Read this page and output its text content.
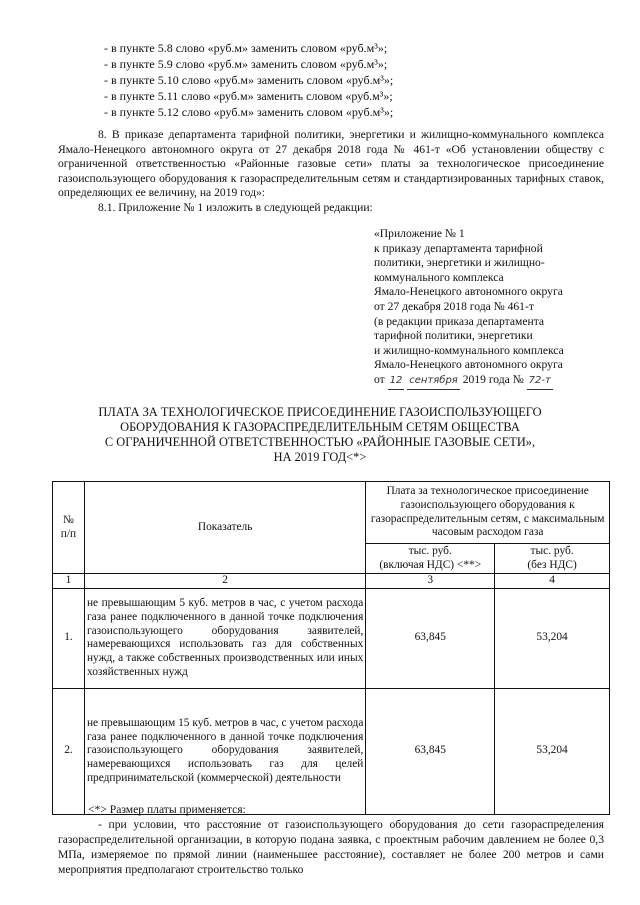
- в пункте 5.8 слово «руб.м» заменить словом «руб.м³»;
- в пункте 5.9 слово «руб.м» заменить словом «руб.м³»;
- в пункте 5.10 слово «руб.м» заменить словом «руб.м³»;
- в пункте 5.11 слово «руб.м» заменить словом «руб.м³»;
- в пункте 5.12 слово «руб.м» заменить словом «руб.м³»;

8. В приказе департамента тарифной политики, энергетики и жилищно-коммунального комплекса Ямало-Ненецкого автономного округа от 27 декабря 2018 года № 461-т «Об установлении обществу с ограниченной ответственностью «Районные газовые сети» платы за технологическое присоединение газоиспользующего оборудования к газораспределительным сетям и стандартизированных тарифных ставок, определяющих ее величину, на 2019 год»:

8.1. Приложение № 1 изложить в следующей редакции:

«Приложение № 1
к приказу департамента тарифной
политики, энергетики и жилищно-
коммунального комплекса
Ямало-Ненецкого автономного округа
от 27 декабря 2018 года № 461-т
(в редакции приказа департамента
тарифной политики, энергетики
и жилищно-коммунального комплекса
Ямало-Ненецкого автономного округа
от 12 сентября 2019 года № 72-т
ПЛАТА ЗА ТЕХНОЛОГИЧЕСКОЕ ПРИСОЕДИНЕНИЕ ГАЗОИСПОЛЬЗУЮЩЕГО
ОБОРУДОВАНИЯ К ГАЗОРАСПРЕДЕЛИТЕЛЬНЫМ СЕТЯМ ОБЩЕСТВА
С ОГРАНИЧЕННОЙ ОТВЕТСТВЕННОСТЬЮ «РАЙОННЫЕ ГАЗОВЫЕ СЕТИ»,
НА 2019 ГОД<*>
№
п/п	Показатель	Плата за технологическое присоединение газоиспользующего оборудования к газораспределительным сетям, с максимальным часовым расходом газа	
		тыс. руб.
(включая НДС) <**>	тыс. руб.
(без НДС)
1	2	3	4
1.	не превышающим 5 куб. метров в час, с учетом расхода газа ранее подключенного в данной точке подключения газоиспользующего оборудования заявителей, намеревающихся использовать газ для собственных нужд, а также собственных производственных или иных хозяйственных нужд	63,845	53,204
2.	не превышающим 15 куб. метров в час, с учетом расхода газа ранее подключенного в данной точке подключения газоиспользующего оборудования заявителей, намеревающихся использовать газ для целей предпринимательской (коммерческой) деятельности	63,845	53,204

<*> Размер платы применяется:

- при условии, что расстояние от газоиспользующего оборудования до сети газораспределения газораспределительной организации, в которую подана заявка, с проектным рабочим давлением не более 0,3 МПа, измеряемое по прямой линии (наименьшее расстояние), составляет не более 200 метров и сами мероприятия предполагают строительство только
